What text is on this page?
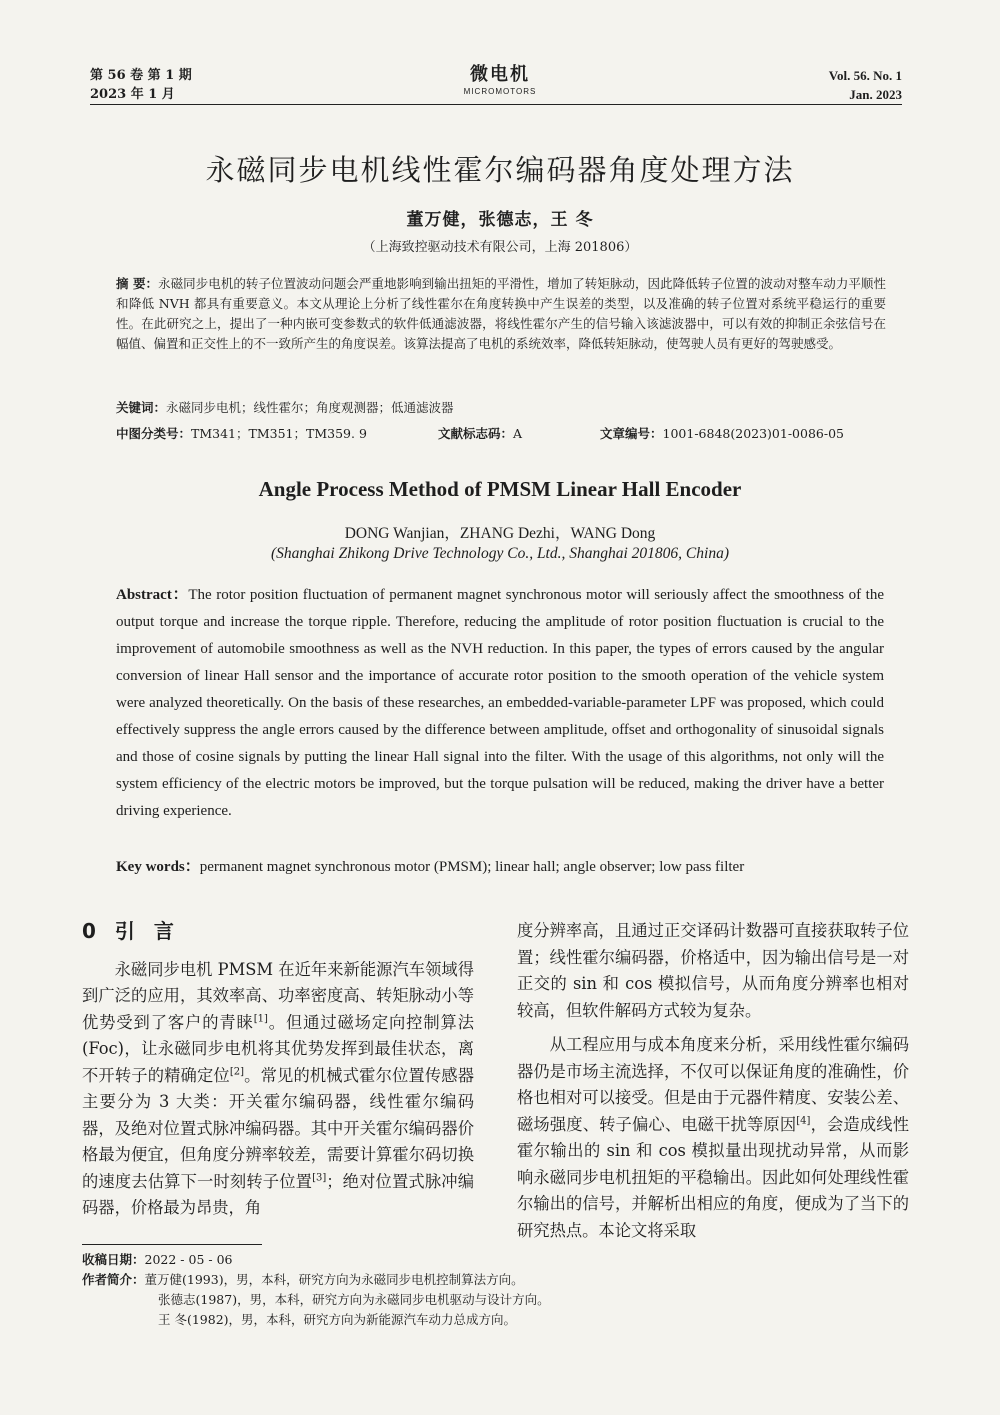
第 56 卷 第 1 期
2023 年 1 月
微电机
MICROMOTORS
Vol. 56. No. 1
Jan. 2023
永磁同步电机线性霍尔编码器角度处理方法
董万健，张德志，王 冬
（上海致控驱动技术有限公司，上海 201806）
摘 要：永磁同步电机的转子位置波动问题会严重地影响到输出扭矩的平滑性，增加了转矩脉动，因此降低转子位置的波动对整车动力平顺性和降低 NVH 都具有重要意义。本文从理论上分析了线性霍尔在角度转换中产生误差的类型，以及准确的转子位置对系统平稳运行的重要性。在此研究之上，提出了一种内嵌可变参数式的软件低通滤波器，将线性霍尔产生的信号输入该滤波器中，可以有效的抑制正余弦信号在幅值、偏置和正交性上的不一致所产生的角度误差。该算法提高了电机的系统效率，降低转矩脉动，使驾驶人员有更好的驾驶感受。
关键词：永磁同步电机；线性霍尔；角度观测器；低通滤波器
中图分类号：TM341；TM351；TM359. 9	文献标志码：A	文章编号：1001-6848(2023)01-0086-05
Angle Process Method of PMSM Linear Hall Encoder
DONG Wanjian，ZHANG Dezhi，WANG Dong
(Shanghai Zhikong Drive Technology Co., Ltd., Shanghai 201806, China)
Abstract：The rotor position fluctuation of permanent magnet synchronous motor will seriously affect the smoothness of the output torque and increase the torque ripple. Therefore, reducing the amplitude of rotor position fluctuation is crucial to the improvement of automobile smoothness as well as the NVH reduction. In this paper, the types of errors caused by the angular conversion of linear Hall sensor and the importance of accurate rotor position to the smooth operation of the vehicle system were analyzed theoretically. On the basis of these researches, an embedded-variable-parameter LPF was proposed, which could effectively suppress the angle errors caused by the difference between amplitude, offset and orthogonality of sinusoidal signals and those of cosine signals by putting the linear Hall signal into the filter. With the usage of this algorithms, not only will the system efficiency of the electric motors be improved, but the torque pulsation will be reduced, making the driver have a better driving experience.
Key words：permanent magnet synchronous motor (PMSM); linear hall; angle observer; low pass filter
0 引 言

永磁同步电机 PMSM 在近年来新能源汽车领域得到广泛的应用，其效率高、功率密度高、转矩脉动小等优势受到了客户的青睐[1]。但通过磁场定向控制算法(Foc)，让永磁同步电机将其优势发挥到最佳状态，离不开转子的精确定位[2]。常见的机械式霍尔位置传感器主要分为 3 大类：开关霍尔编码器，线性霍尔编码器，及绝对位置式脉冲编码器。其中开关霍尔编码器价格最为便宜，但角度分辨率较差，需要计算霍尔码切换的速度去估算下一时刻转子位置[3]；绝对位置式脉冲编码器，价格最为昂贵，角

度分辨率高，且通过正交译码计数器可直接获取转子位置；线性霍尔编码器，价格适中，因为输出信号是一对正交的 sin 和 cos 模拟信号，从而角度分辨率也相对较高，但软件解码方式较为复杂。

从工程应用与成本角度来分析，采用线性霍尔编码器仍是市场主流选择，不仅可以保证角度的准确性，价格也相对可以接受。但是由于元器件精度、安装公差、磁场强度、转子偏心、电磁干扰等原因[4]，会造成线性霍尔输出的 sin 和 cos 模拟量出现扰动异常，从而影响永磁同步电机扭矩的平稳输出。因此如何处理线性霍尔输出的信号，并解析出相应的角度，便成为了当下的研究热点。本论文将采取

收稿日期：2022 - 05 - 06
作者简介：董万健(1993)，男，本科，研究方向为永磁同步电机控制算法方向。
张德志(1987)，男，本科，研究方向为永磁同步电机驱动与设计方向。
王 冬(1982)，男，本科，研究方向为新能源汽车动力总成方向。
